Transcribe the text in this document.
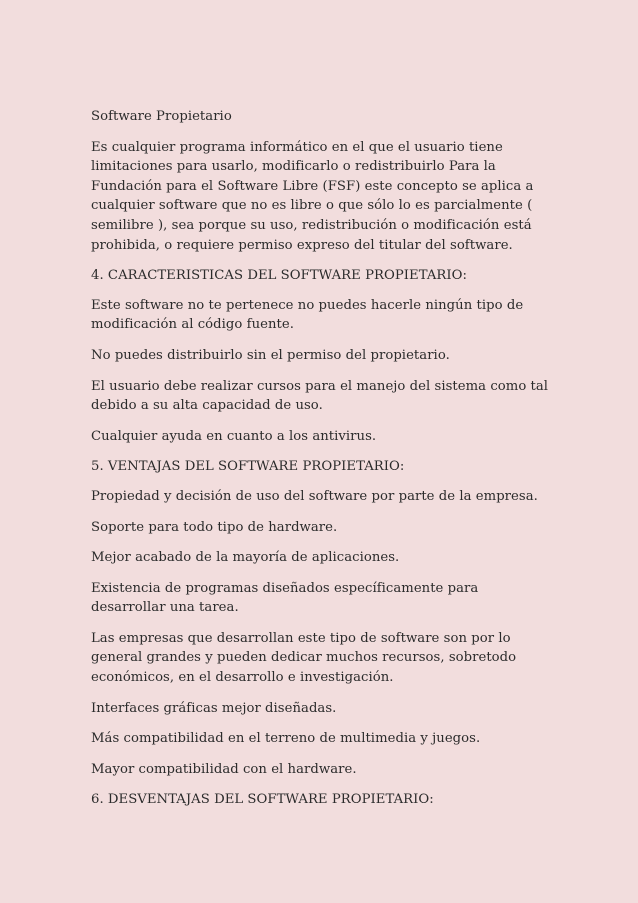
Software Propietario

Es cualquier programa informático en el que el usuario tiene limitaciones para usarlo, modificarlo o redistribuirlo Para la Fundación para el Software Libre (FSF) este concepto se aplica a cualquier software que no es libre o que sólo lo es parcialmente ( semilibre ), sea porque su uso, redistribución o modificación está prohibida, o requiere permiso expreso del titular del software.

4. CARACTERISTICAS DEL SOFTWARE PROPIETARIO:

Este software no te pertenece no puedes hacerle ningún tipo de modificación al código fuente.

No puedes distribuirlo sin el permiso del propietario.

El usuario debe realizar cursos para el manejo del sistema como tal debido a su alta capacidad de uso.

Cualquier ayuda en cuanto a los antivirus.

5. VENTAJAS DEL SOFTWARE PROPIETARIO:

Propiedad y decisión de uso del software por parte de la empresa.

Soporte para todo tipo de hardware.

Mejor acabado de la mayoría de aplicaciones.

Existencia de programas diseñados específicamente para desarrollar una tarea.

Las empresas que desarrollan este tipo de software son por lo general grandes y pueden dedicar muchos recursos, sobretodo económicos, en el desarrollo e investigación.

Interfaces gráficas mejor diseñadas.

Más compatibilidad en el terreno de multimedia y juegos.

Mayor compatibilidad con el hardware.

6. DESVENTAJAS DEL SOFTWARE PROPIETARIO:
